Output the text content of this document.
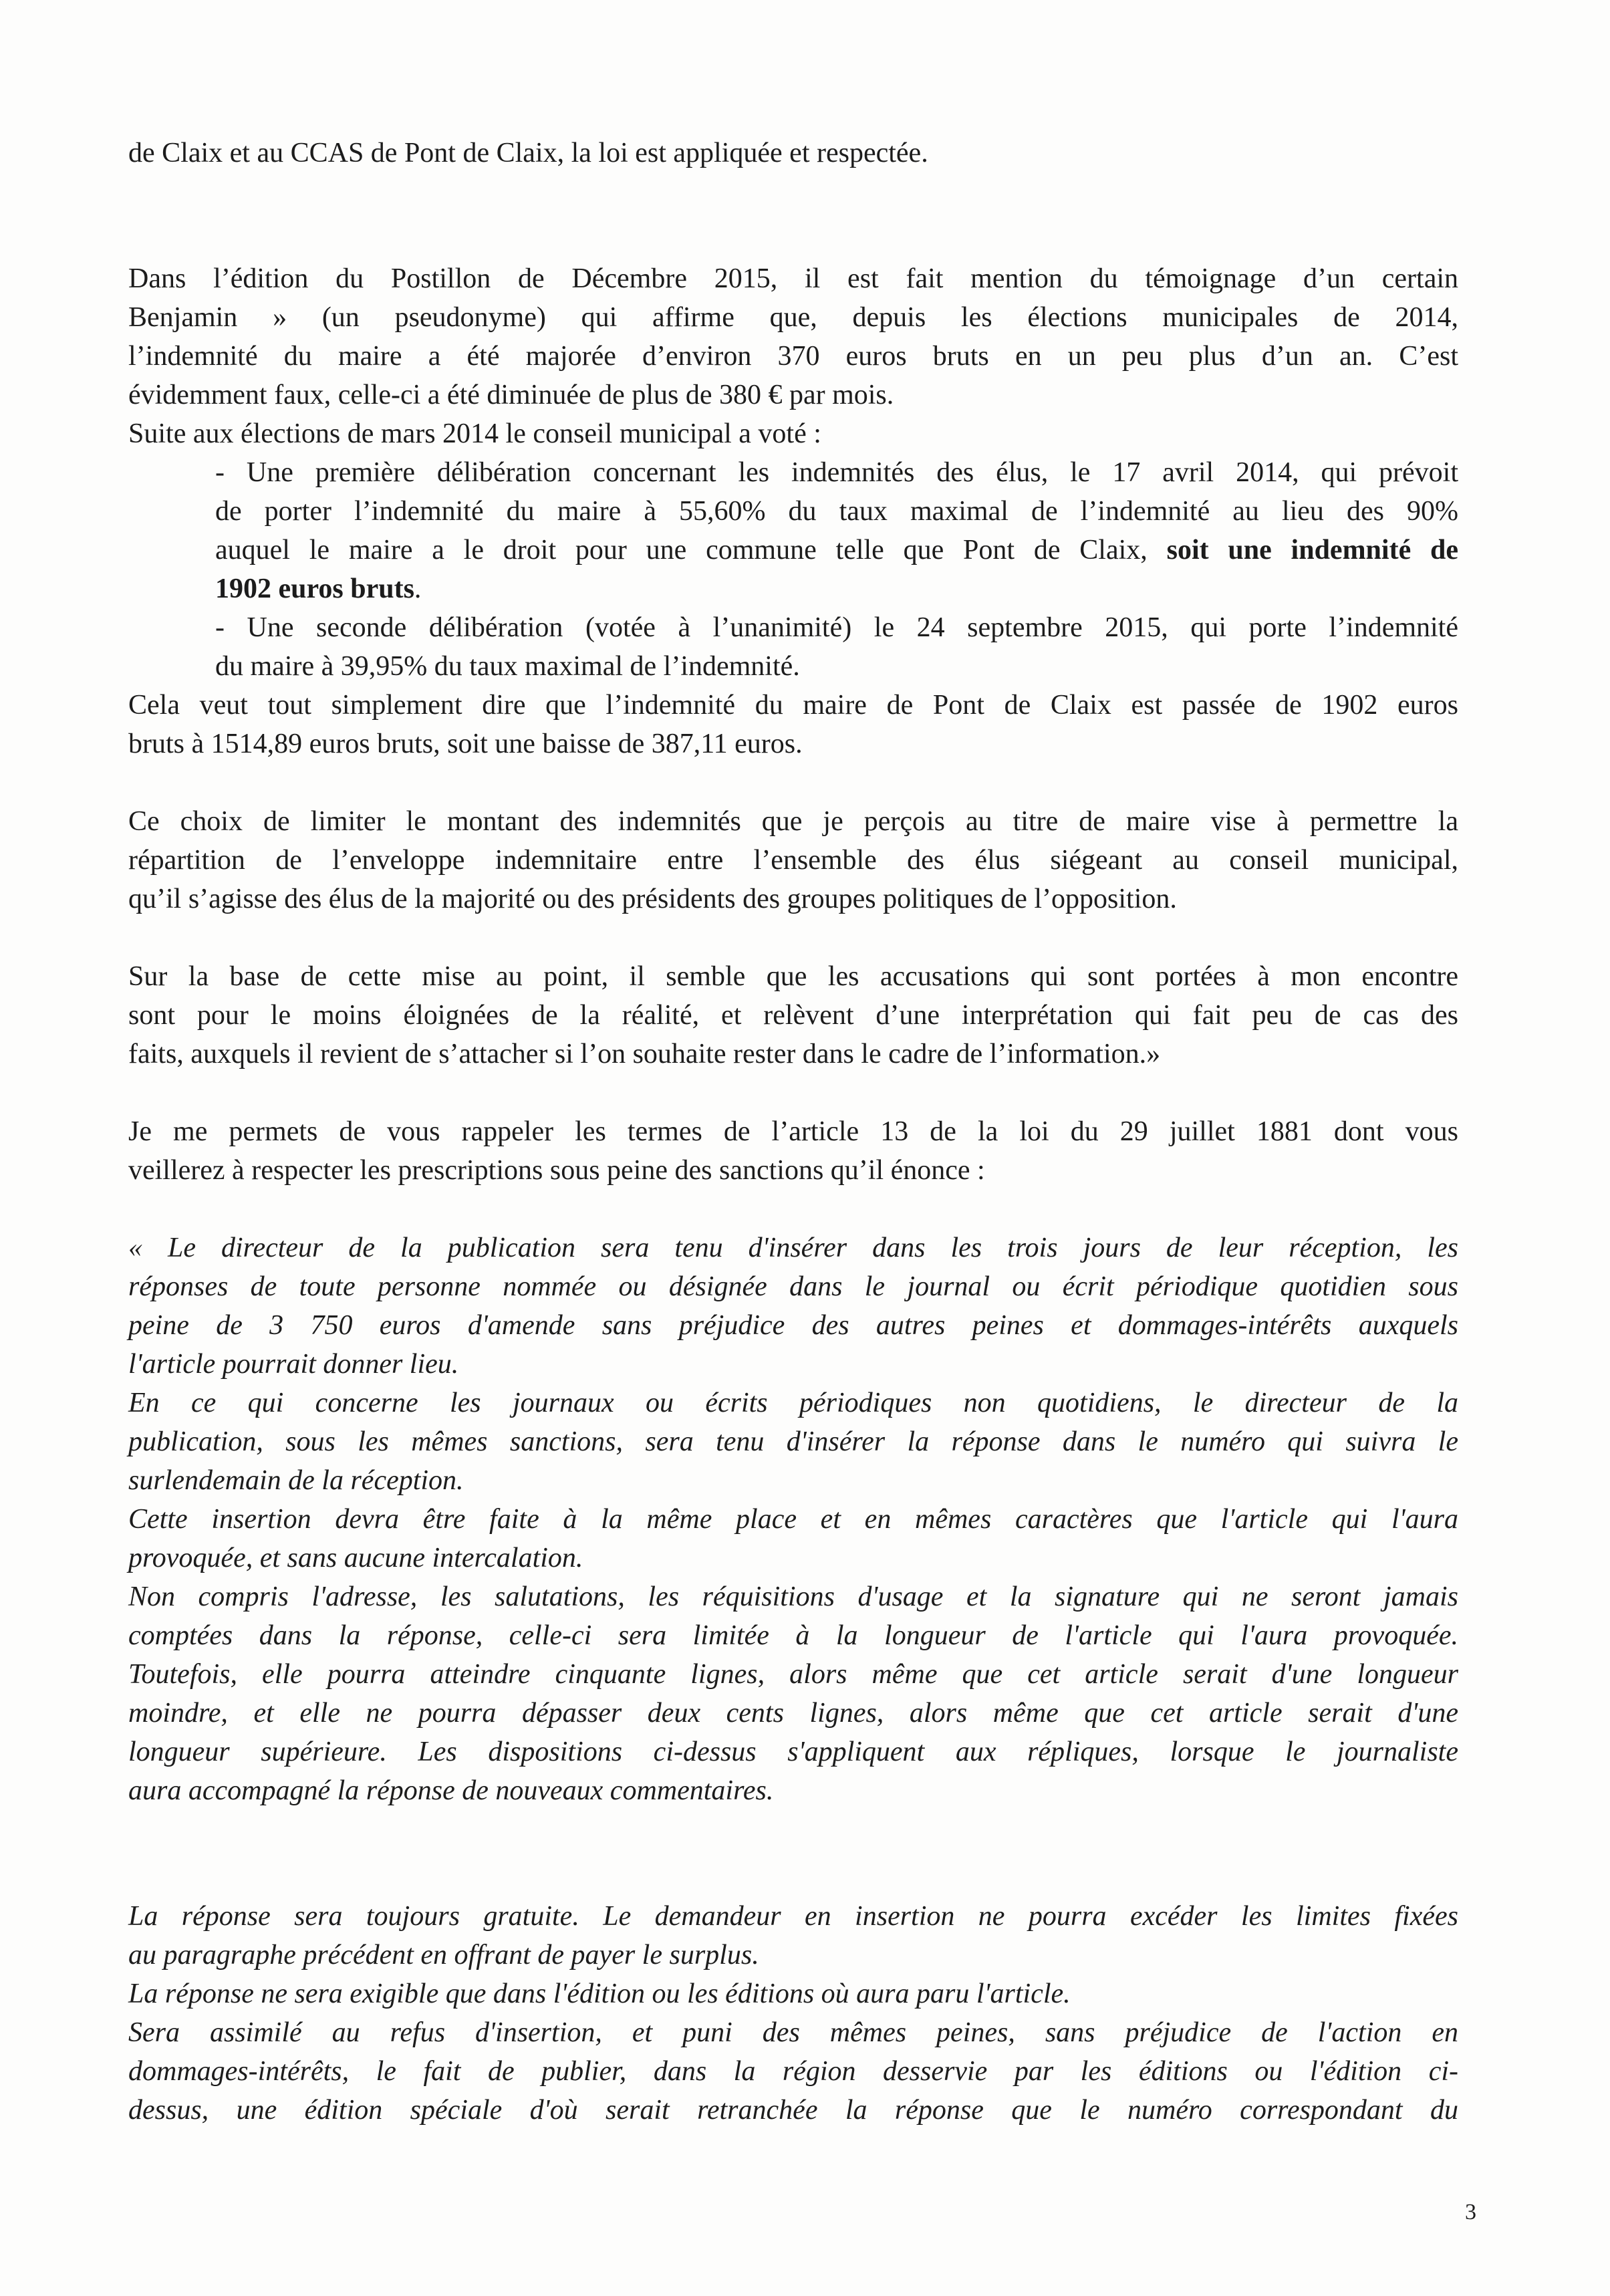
de Claix et au CCAS de Pont de Claix, la loi est appliquée et respectée.

Dans l’édition du Postillon de Décembre 2015, il est fait mention du témoignage d’un certain

Benjamin » (un pseudonyme) qui affirme que, depuis les élections municipales de 2014,

l’indemnité du maire a été majorée d’environ 370 euros bruts en un peu plus d’un an. C’est

évidemment faux, celle-ci a été diminuée de plus de 380 € par mois.

Suite aux élections de mars 2014 le conseil municipal a voté :

- Une première délibération concernant les indemnités des élus, le 17 avril 2014, qui prévoit

de porter l’indemnité du maire à 55,60% du taux maximal de l’indemnité au lieu des 90%

auquel le maire a le droit pour une commune telle que Pont de Claix, soit une indemnité de

1902 euros bruts.

- Une seconde délibération (votée à l’unanimité) le 24 septembre 2015, qui porte l’indemnité

du maire à 39,95% du taux maximal de l’indemnité.

Cela veut tout simplement dire que l’indemnité du maire de Pont de Claix est passée de 1902 euros

bruts à 1514,89 euros bruts, soit une baisse de 387,11 euros.

Ce choix de limiter le montant des indemnités que je perçois au titre de maire vise à permettre la

répartition de l’enveloppe indemnitaire entre l’ensemble des élus siégeant au conseil municipal,

qu’il s’agisse des élus de la majorité ou des présidents des groupes politiques de l’opposition.

Sur la base de cette mise au point, il semble que les accusations qui sont portées à mon encontre

sont pour le moins éloignées de la réalité, et relèvent d’une interprétation qui fait peu de cas des

faits, auxquels il revient de s’attacher si l’on souhaite rester dans le cadre de l’information.»

Je me permets de vous rappeler les termes de l’article 13 de la loi du 29 juillet 1881 dont vous

veillerez à respecter les prescriptions sous peine des sanctions qu’il énonce :

« Le directeur de la publication sera tenu d'insérer dans les trois jours de leur réception, les

réponses de toute personne nommée ou désignée dans le journal ou écrit périodique quotidien sous

peine de 3 750 euros d'amende sans préjudice des autres peines et dommages-intérêts auxquels

l'article pourrait donner lieu.

En ce qui concerne les journaux ou écrits périodiques non quotidiens, le directeur de la

publication, sous les mêmes sanctions, sera tenu d'insérer la réponse dans le numéro qui suivra le

surlendemain de la réception.

Cette insertion devra être faite à la même place et en mêmes caractères que l'article qui l'aura

provoquée, et sans aucune intercalation.

Non compris l'adresse, les salutations, les réquisitions d'usage et la signature qui ne seront jamais

comptées dans la réponse, celle-ci sera limitée à la longueur de l'article qui l'aura provoquée.

Toutefois, elle pourra atteindre cinquante lignes, alors même que cet article serait d'une longueur

moindre, et elle ne pourra dépasser deux cents lignes, alors même que cet article serait d'une

longueur supérieure. Les dispositions ci-dessus s'appliquent aux répliques, lorsque le journaliste

aura accompagné la réponse de nouveaux commentaires.

La réponse sera toujours gratuite. Le demandeur en insertion ne pourra excéder les limites fixées

au paragraphe précédent en offrant de payer le surplus.

La réponse ne sera exigible que dans l'édition ou les éditions où aura paru l'article.

Sera assimilé au refus d'insertion, et puni des mêmes peines, sans préjudice de l'action en

dommages-intérêts, le fait de publier, dans la région desservie par les éditions ou l'édition ci-

dessus, une édition spéciale d'où serait retranchée la réponse que le numéro correspondant du

3
